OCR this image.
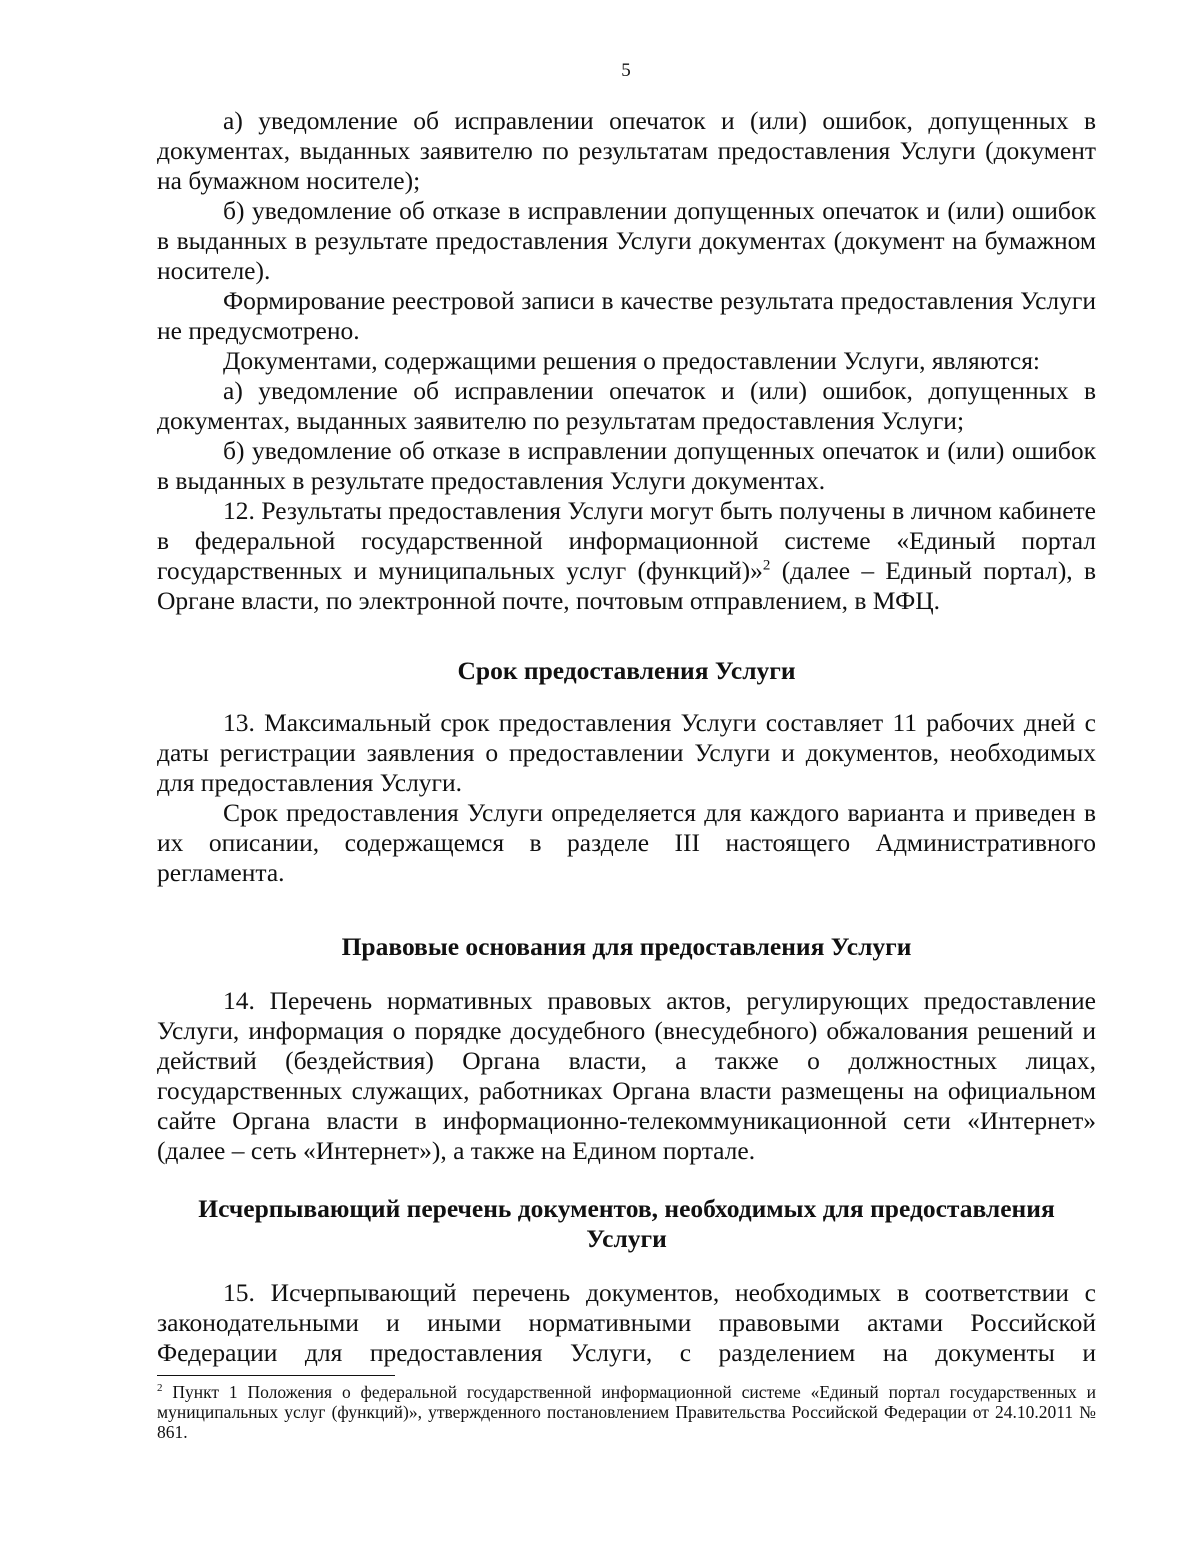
5

а) уведомление об исправлении опечаток и (или) ошибок, допущенных в документах, выданных заявителю по результатам предоставления Услуги (документ на бумажном носителе);

б) уведомление об отказе в исправлении допущенных опечаток и (или) ошибок в выданных в результате предоставления Услуги документах (документ на бумажном носителе).

Формирование реестровой записи в качестве результата предоставления Услуги не предусмотрено.

Документами, содержащими решения о предоставлении Услуги, являются:

а) уведомление об исправлении опечаток и (или) ошибок, допущенных в документах, выданных заявителю по результатам предоставления Услуги;

б) уведомление об отказе в исправлении допущенных опечаток и (или) ошибок в выданных в результате предоставления Услуги документах.

12. Результаты предоставления Услуги могут быть получены в личном кабинете в федеральной государственной информационной системе «Единый портал государственных и муниципальных услуг (функций)»$^2$ (далее – Единый портал), в Органе власти, по электронной почте, почтовым отправлением, в МФЦ.

Срок предоставления Услуги

13. Максимальный срок предоставления Услуги составляет 11 рабочих дней с даты регистрации заявления о предоставлении Услуги и документов, необходимых для предоставления Услуги.

Срок предоставления Услуги определяется для каждого варианта и приведен в их описании, содержащемся в разделе III настоящего Административного регламента.

Правовые основания для предоставления Услуги

14. Перечень нормативных правовых актов, регулирующих предоставление Услуги, информация о порядке досудебного (внесудебного) обжалования решений и действий (бездействия) Органа власти, а также о должностных лицах, государственных служащих, работниках Органа власти размещены на официальном сайте Органа власти в информационно-телекоммуникационной сети «Интернет» (далее – сеть «Интернет»), а также на Едином портале.

Исчерпывающий перечень документов, необходимых для предоставления
Услуги

15. Исчерпывающий перечень документов, необходимых в соответствии с законодательными и иными нормативными правовыми актами Российской Федерации для предоставления Услуги, с разделением на документы и

$^2$ Пункт 1 Положения о федеральной государственной информационной системе «Единый портал государственных и муниципальных услуг (функций)», утвержденного постановлением Правительства Российской Федерации от 24.10.2011 № 861.
